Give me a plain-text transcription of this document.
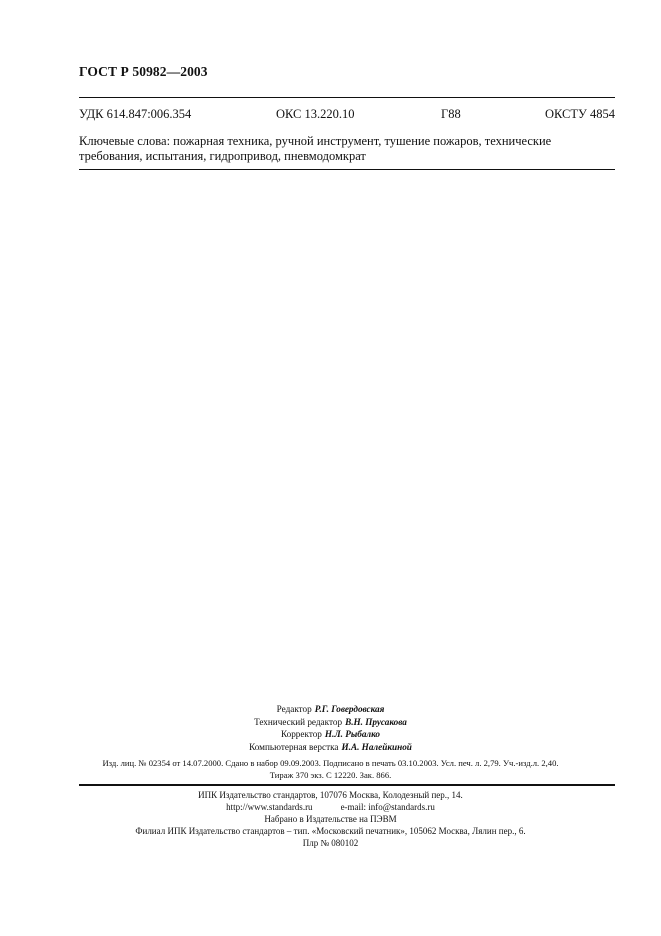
ГОСТ Р 50982—2003
УДК 614.847:006.354	ОКС 13.220.10	Г88	ОКСТУ 4854
Ключевые слова: пожарная техника, ручной инструмент, тушение пожаров, технические требования, испытания, гидропривод, пневмодомкрат
Редактор Р.Г. Говердовская
Технический редактор В.Н. Прусакова
Корректор Н.Л. Рыбалко
Компьютерная верстка И.А. Налейкиной
Изд. лиц. № 02354 от 14.07.2000. Сдано в набор 09.09.2003. Подписано в печать 03.10.2003. Усл. печ. л. 2,79. Уч.-изд.л. 2,40.
Тираж 370 экз. С 12220. Зак. 866.
ИПК Издательство стандартов, 107076 Москва, Колодезный пер., 14.
http://www.standards.ru	e-mail: info@standards.ru
Набрано в Издательстве на ПЭВМ
Филиал ИПК Издательство стандартов – тип. «Московский печатник», 105062 Москва, Лялин пер., 6.
Плр № 080102
